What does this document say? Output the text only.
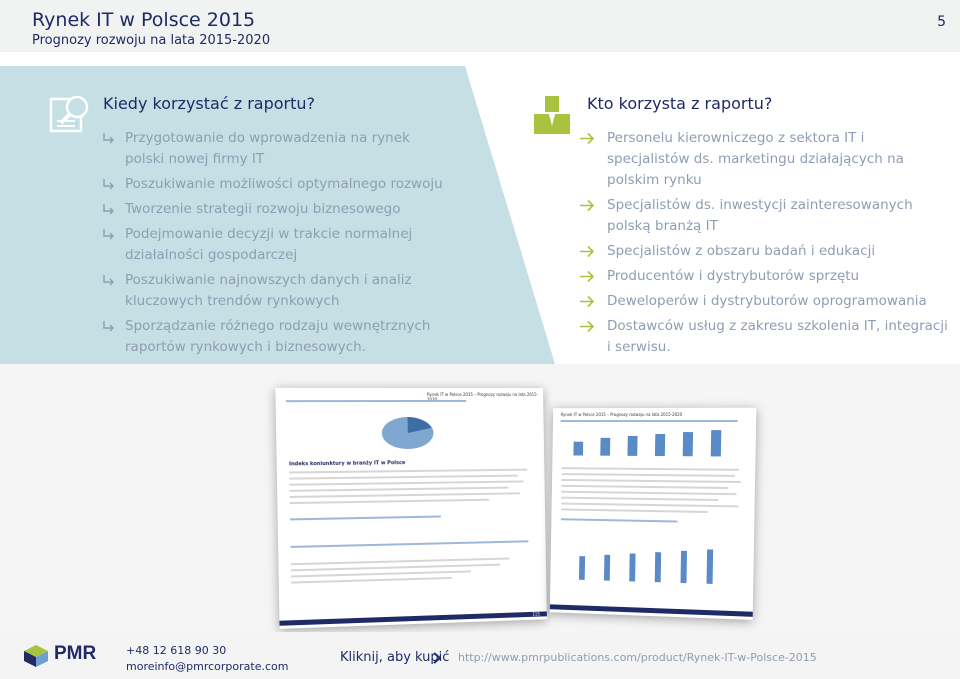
Rynek IT w Polsce 2015
Prognozy rozwoju na lata 2015-2020
5
Kiedy korzystać z raportu?
Przygotowanie do wprowadzenia na rynek polski nowej firmy IT
Poszukiwanie możliwości optymalnego rozwoju
Tworzenie strategii rozwoju biznesowego
Podejmowanie decyzji w trakcie normalnej działalności gospodarczej
Poszukiwanie najnowszych danych i analiz kluczowych trendów rynkowych
Sporządzanie różnego rodzaju wewnętrznych raportów rynkowych i biznesowych.
Kto korzysta z raportu?
Personelu kierowniczego z sektora IT i specjalistów ds. marketingu działających na polskim rynku
Specjalistów ds. inwestycji zainteresowanych polską branżą IT
Specjalistów z obszaru badań i edukacji
Producentów i dystrybutorów sprzętu
Deweloperów i dystrybutorów oprogramowania
Dostawców usług z zakresu szkolenia IT, integracji i serwisu.
Rynek IT w Polsce 2015 – Prognozy rozwoju na lata 2015-2020
Indeks koniunktury w branży IT w Polsce
115
Rynek IT w Polsce 2015 – Prognozy rozwoju na lata 2015-2020
PMR	+48 12 618 90 30
moreinfo@pmrcorporate.com
Kliknij, aby kupić http://www.pmrpublications.com/product/Rynek-IT-w-Polsce-2015
